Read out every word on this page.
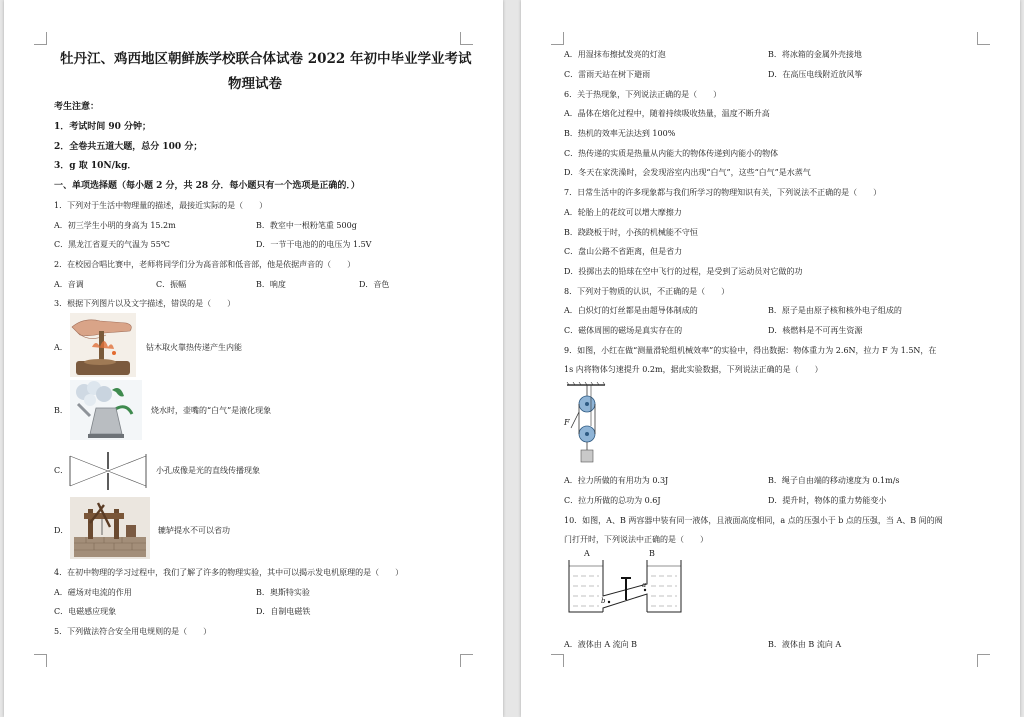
牡丹江、鸡西地区朝鲜族学校联合体试卷 2022 年初中毕业学业考试
物理试卷
考生注意：
1．考试时间 90 分钟；
2．全卷共五道大题，总分 100 分；
3．g 取 10N/kg．
一、单项选择题（每小题 2 分，共 28 分．每小题只有一个选项是正确的．）
1．下列对于生活中物理量的描述，最接近实际的是（　　）
A．初三学生小明的身高为 15.2m	B．教室中一根粉笔重 500g
C．黑龙江省夏天的气温为 55℃	D．一节干电池的的电压为 1.5V
2．在校园合唱比赛中，老师将同学们分为高音部和低音部，他是依据声音的（　　）
A．音调	B．响度
C．振幅	D．音色
3．根据下列图片以及文字描述，错误的是（　　）
A．	钻木取火靠热传递产生内能
B．	烧水时，壶嘴的“白气”是液化现象
C．	小孔成像是光的直线传播现象
D．	辘轳提水不可以省功
4．在初中物理的学习过程中，我们了解了许多的物理实验，其中可以揭示发电机原理的是（　　）
A．磁场对电流的作用	B．奥斯特实验
C．电磁感应现象	D．自制电磁铁
5．下列做法符合安全用电规则的是（　　）
A．用湿抹布擦拭发亮的灯泡	B．将冰箱的金属外壳接地
C．雷雨天站在树下避雨	D．在高压电线附近放风筝
6．关于热现象，下列说法正确的是（　　）
A．晶体在熔化过程中，随着持续吸收热量，温度不断升高
B．热机的效率无法达到 100%
C．热传递的实质是热量从内能大的物体传递到内能小的物体
D．冬天在家洗澡时，会发现浴室内出现“白气”，这些“白气”是水蒸气
7．日常生活中的许多现象都与我们所学习的物理知识有关，下列说法不正确的是（　　）
A．轮胎上的花纹可以增大摩擦力
B．跷跷板于时，小孩的机械能不守恒
C．盘山公路不省距离，但是省力
D．投掷出去的铅球在空中飞行的过程，是受到了运动员对它做的功
8．下列对于物质的认识，不正确的是（　　）
A．白炽灯的灯丝都是由超导体制成的	B．原子是由原子核和核外电子组成的
C．磁体周围的磁场是真实存在的	D．核燃料是不可再生资源
9．如图，小红在做“测量滑轮组机械效率”的实验中，得出数据：物体重力为 2.6N，拉力 F 为 1.5N，在
1s 内将物体匀速提升 0.2m，据此实验数据，下列说法正确的是（　　）
F
A．拉力所做的有用功为 0.3J	B．绳子自由端的移动速度为 0.1m/s
C．拉力所做的总功为 0.6J	D．提升时，物体的重力势能变小
10．如图，A、B 两容器中装有同一液体，且液面高度相同，a 点的压强小于 b 点的压强，当 A、B 间的阀
门打开时，下列说法中正确的是（　　）
A	B
a
b
A．液体由 A 流向 B	B．液体由 B 流向 A
